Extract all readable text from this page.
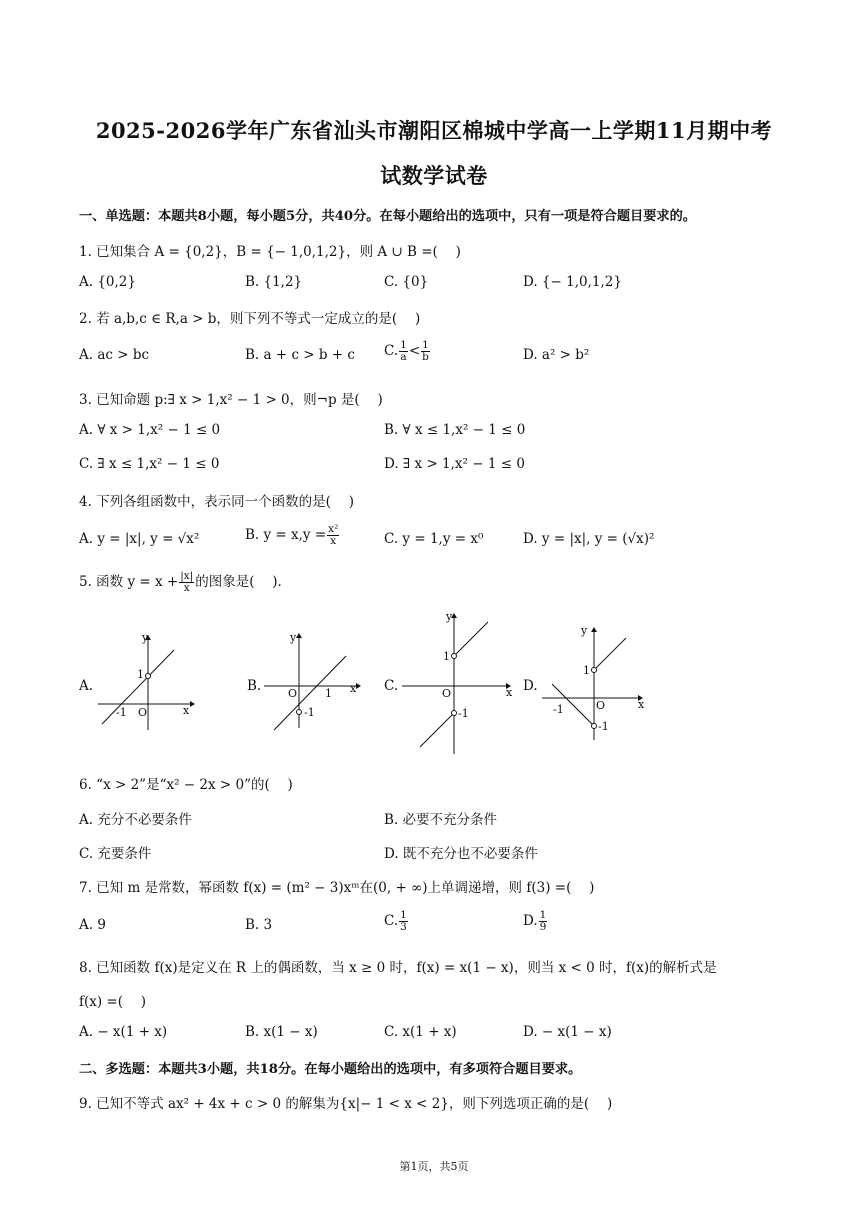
2025-2026学年广东省汕头市潮阳区棉城中学高一上学期11月期中考
试数学试卷
一、单选题：本题共8小题，每小题5分，共40分。在每小题给出的选项中，只有一项是符合题目要求的。
1. 已知集合 A = {0,2}，B = {− 1,0,1,2}，则 A ∪ B =(　 )
A. {0,2}	B. {1,2}	C. {0}	D. {− 1,0,1,2}
2. 若 a,b,c ∈ R,a > b，则下列不等式一定成立的是(　 )
A. ac > bc	B. a + c > b + c C. $\frac{1}{a} < \frac{1}{b}$	D. a² > b²
3. 已知命题 p:∃ x > 1,x² − 1 > 0，则¬p 是(　 )
A. ∀ x > 1,x² − 1 ≤ 0	B. ∀ x ≤ 1,x² − 1 ≤ 0
C. ∃ x ≤ 1,x² − 1 ≤ 0	D. ∃ x > 1,x² − 1 ≤ 0
4. 下列各组函数中，表示同一个函数的是(　 )
A. y = |x|, y = √x²	B. $y = x,y = \frac{\text{x²}}{x}$	C. y = 1,y = x⁰	D. y = |x|, y = (√x)²
5. 函数 $y = x + \frac{|x|}{x}$ 的图象是(　 ).
A.
y
x
O
1
-1
B.
y
x
O	1
-1
C.
y
x
O
1
-1
D.
y
x
O
1
-1
-1
6. “x > 2”是“x² − 2x > 0”的(　 )
A. 充分不必要条件	B. 必要不充分条件
C. 充要条件	D. 既不充分也不必要条件
7. 已知 m 是常数，幂函数 f(x) = (m² − 3)xᵐ在(0, + ∞)上单调递增，则 f(3) =(　 )
A. 9	B. 3	C. $\frac{1}{3}$	D. $\frac{1}{9}$
8. 已知函数 f(x)是定义在 R 上的偶函数，当 x ≥ 0 时，f(x) = x(1 − x)，则当 x < 0 时，f(x)的解析式是
f(x) =(　 )
A. − x(1 + x)	B. x(1 − x)	C. x(1 + x)	D. − x(1 − x)
二、多选题：本题共3小题，共18分。在每小题给出的选项中，有多项符合题目要求。
9. 已知不等式 ax² + 4x + c > 0 的解集为{x|− 1 < x < 2}，则下列选项正确的是(　 )
第1页，共5页
